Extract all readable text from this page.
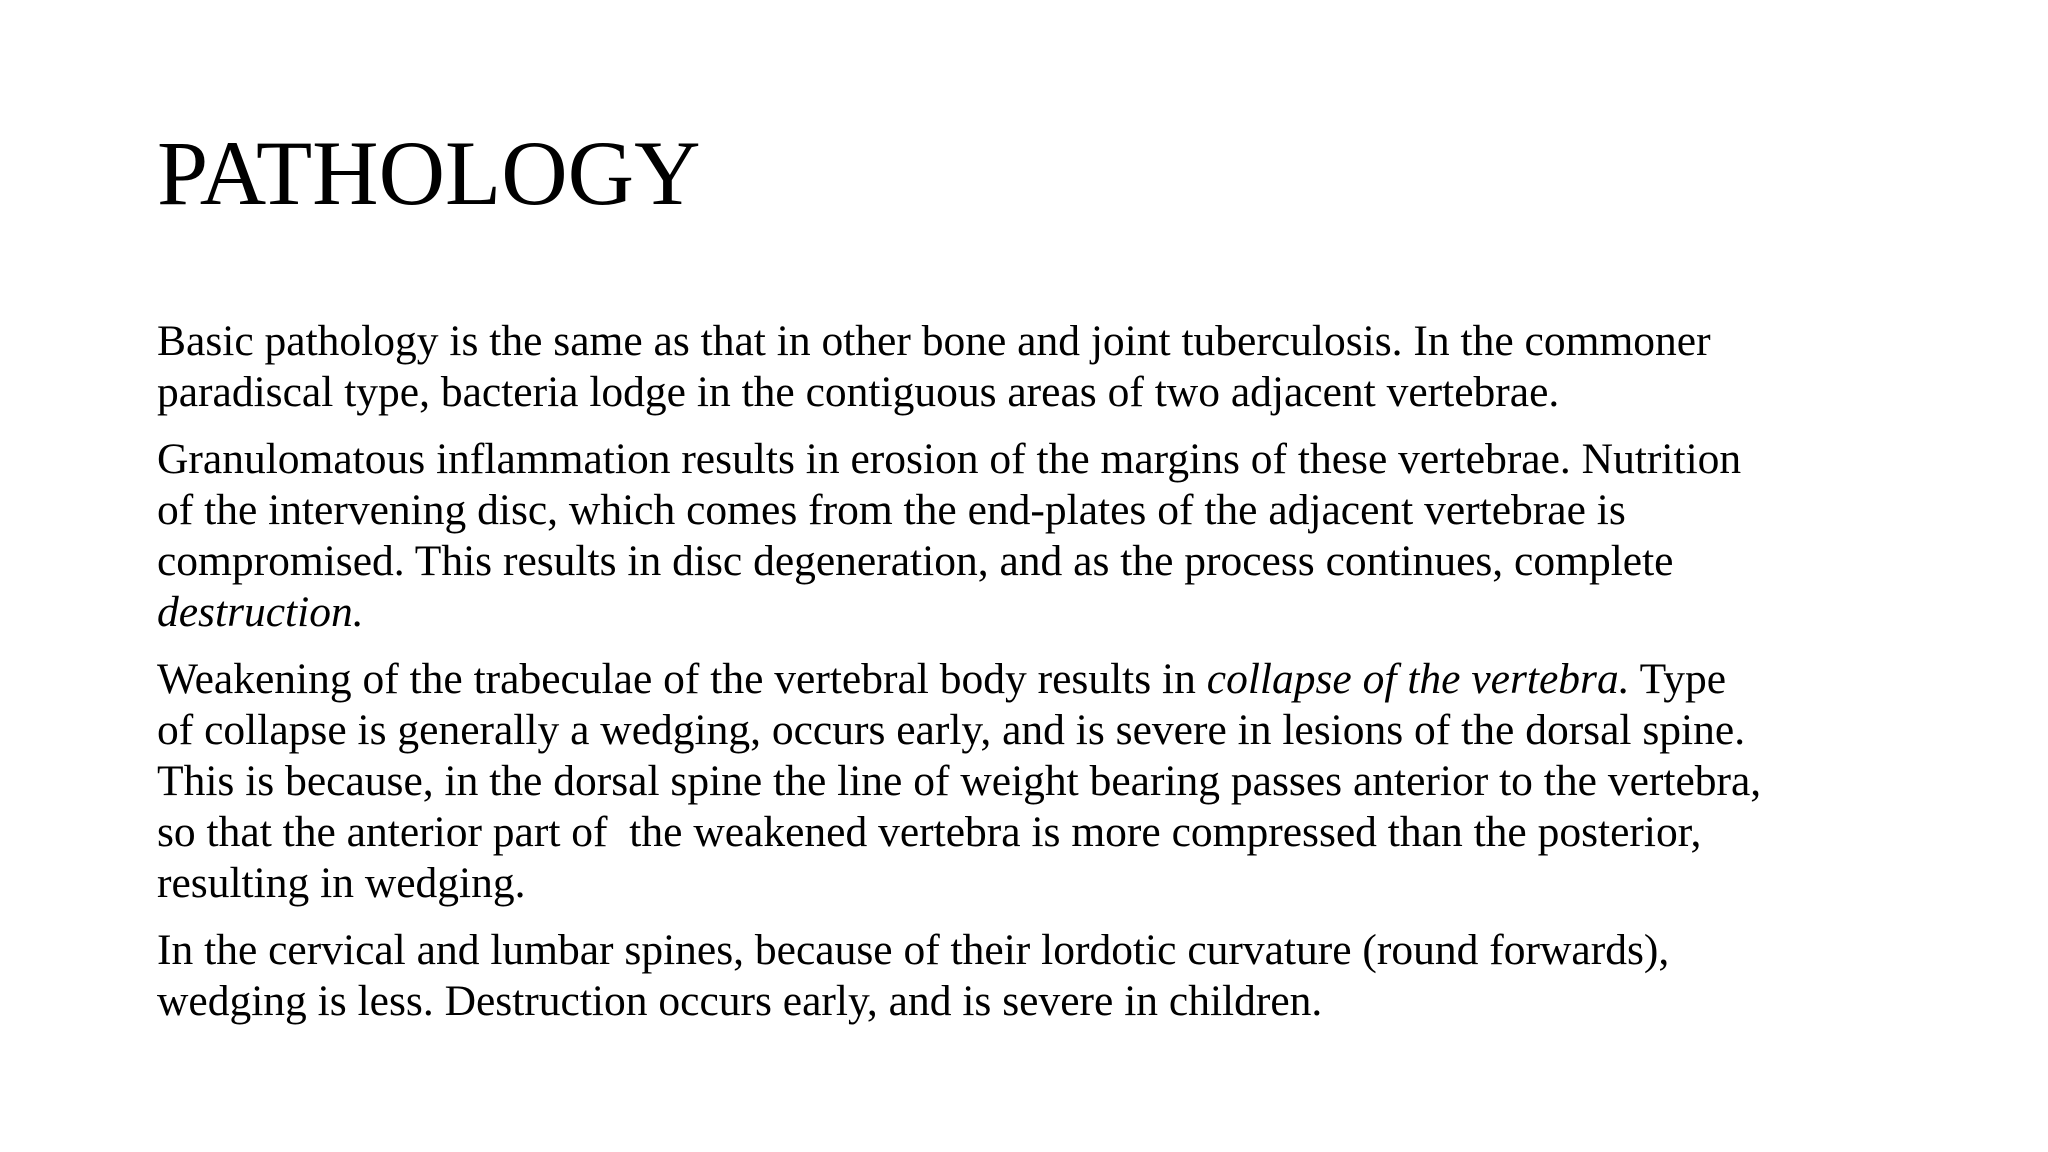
PATHOLOGY

Basic pathology is the same as that in other bone and joint tuberculosis. In the commoner
paradiscal type, bacteria lodge in the contiguous areas of two adjacent vertebrae.

Granulomatous inflammation results in erosion of the margins of these vertebrae. Nutrition
of the intervening disc, which comes from the end-plates of the adjacent vertebrae is
compromised. This results in disc degeneration, and as the process continues, complete
destruction.

Weakening of the trabeculae of the vertebral body results in collapse of the vertebra. Type
of collapse is generally a wedging, occurs early, and is severe in lesions of the dorsal spine.
This is because, in the dorsal spine the line of weight bearing passes anterior to the vertebra,
so that the anterior part of  the weakened vertebra is more compressed than the posterior,
resulting in wedging.

In the cervical and lumbar spines, because of their lordotic curvature (round forwards),
wedging is less. Destruction occurs early, and is severe in children.
